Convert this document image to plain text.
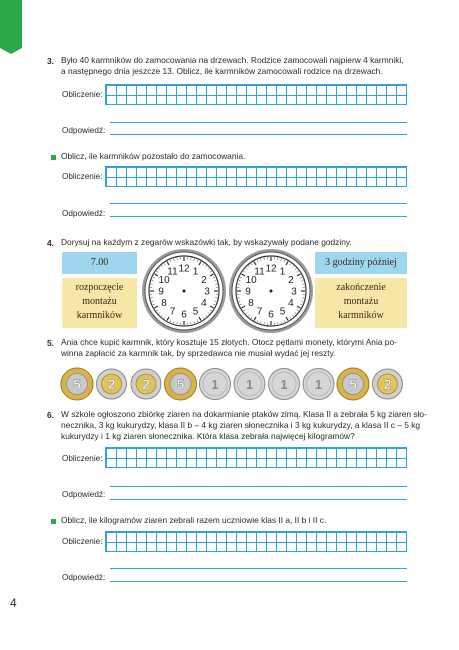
3. Było 40 karmników do zamocowania na drzewach. Rodzice zamocowali najpierw 4 karmniki,
a następnego dnia jeszcze 13. Oblicz, ile karmników zamocowali rodzice na drzewach.
Obliczenie:
Odpowiedź:
Oblicz, ile karmników pozostało do zamocowania.
Obliczenie:
Odpowiedź:
4. Dorysuj na każdym z zegarów wskazówki tak, by wskazywały podane godziny.
7.00
rozpoczęcie
montażu
karmników
12 1
2
3
4
5
6
7
8
9
10
11	12 1
2
3
4
5
6
7
8
9
10
11
3 godziny później
zakończenie
montażu
karmników
5. Ania chce kupić karmnik, który kosztuje 15 złotych. Otocz pętlami monety, którymi Ania po-
winna zapłacić za karmnik tak, by sprzedawca nie musiał wydać jej reszty.
5 2 2 5 1 1 1 1 5 2
6. W szkole ogłoszono zbiórkę ziaren na dokarmianie ptaków zimą. Klasa II a zebrała 5 kg ziaren sło-
necznika, 3 kg kukurydzy, klasa II b – 4 kg ziaren słonecznika i 3 kg kukurydzy, a klasa II c – 5 kg
kukurydzy i 1 kg ziaren słonecznika. Która klasa zebrała najwięcej kilogramów?
Obliczenie:
Odpowiedź:
Oblicz, ile kilogramów ziaren zebrali razem uczniowie klas II a, II b i II c.
Obliczenie:
Odpowiedź:
4
